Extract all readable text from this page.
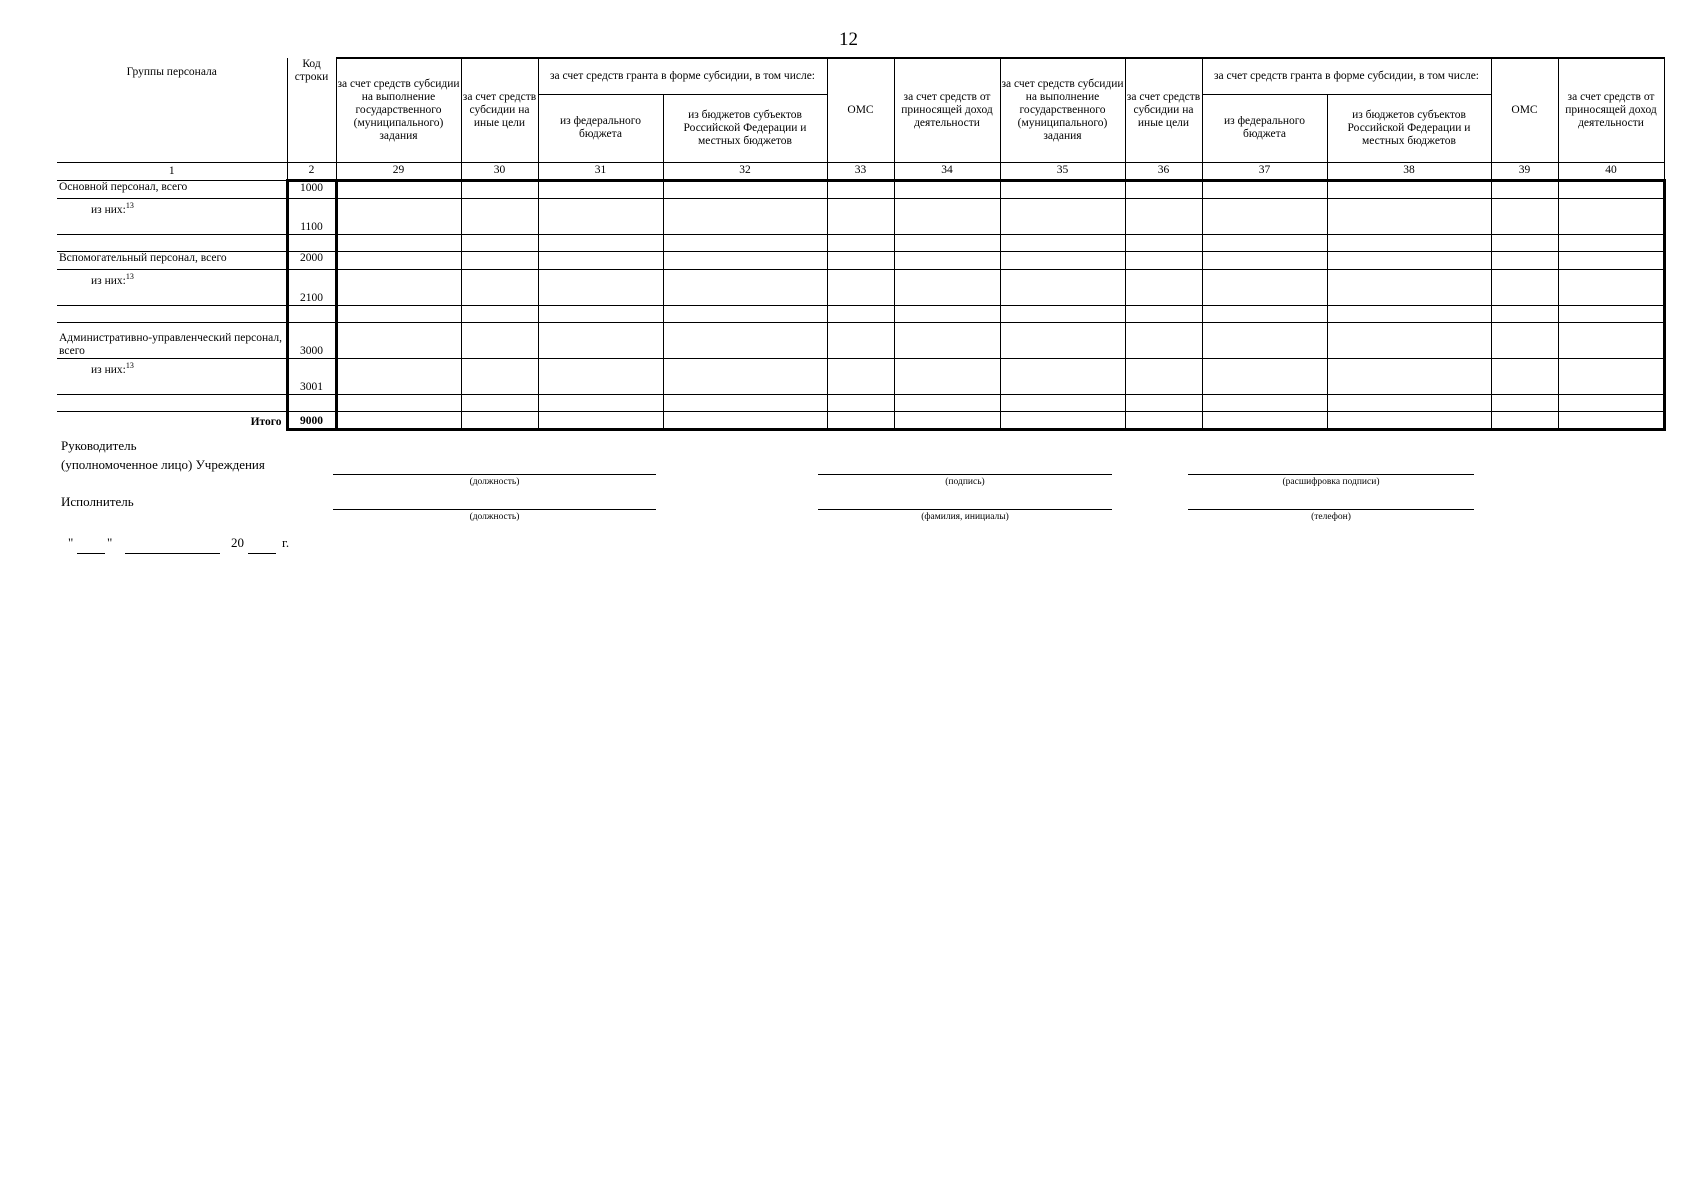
12
Группы персонала	Код строки	за счет средств субсидии на выполнение государственного (муниципального) задания	за счет средств субсидии на иные цели	за счет средств гранта в форме субсидии, в том числе:		ОМС	за счет средств от приносящей доход деятельности	за счет средств субсидии на выполнение государственного (муниципального) задания	за счет средств субсидии на иные цели	за счет средств гранта в форме субсидии, в том числе:		ОМС	за счет средств от приносящей доход деятельности
				из федерального бюджета	из бюджетов субъектов Российской Федерации и местных бюджетов					из федерального бюджета	из бюджетов субъектов Российской Федерации и местных бюджетов		
1	2	29	30	31	32	33	34	35	36	37	38	39	40
Основной персонал, всего	1000												
из них:$^{13}$	1100												

Вспомогательный персонал, всего	2000												
из них:$^{13}$	2100												

Административно-управленческий персонал, всего	3000												
из них:$^{13}$	3001												

Итого	9000												
Руководитель
(уполномоченное лицо) Учреждения
(должность)	(подпись)	(расшифровка подписи)
Исполнитель
(должность)	(фамилия, инициалы)	(телефон)
"	"	20	г.
